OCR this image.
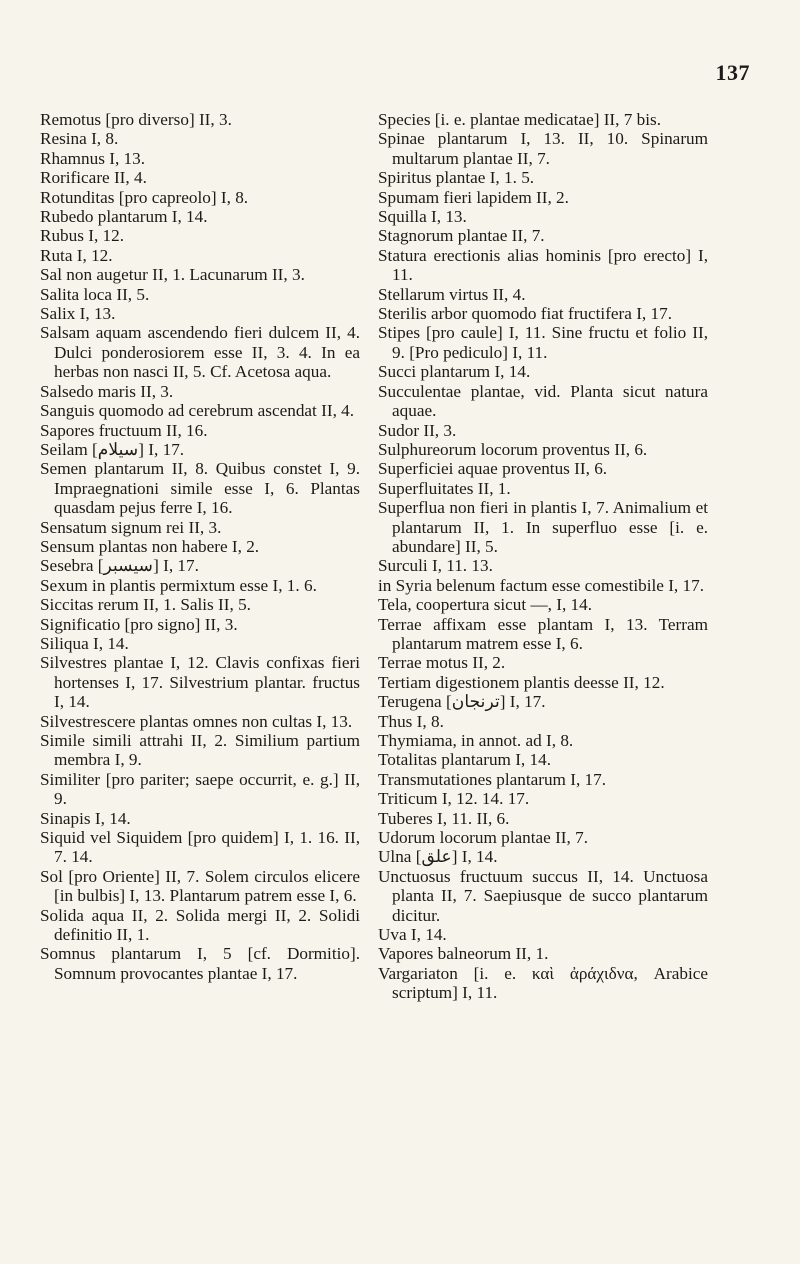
137

Remotus [pro diverso] II, 3.

Resina I, 8.

Rhamnus I, 13.

Rorificare II, 4.

Rotunditas [pro capreolo] I, 8.

Rubedo plantarum I, 14.

Rubus I, 12.

Ruta I, 12.

Sal non augetur II, 1. Lacunarum II, 3.

Salita loca II, 5.

Salix I, 13.

Salsam aquam ascendendo fieri dulcem II, 4. Dulci ponderosiorem esse II, 3. 4. In ea herbas non nasci II, 5. Cf. Acetosa aqua.

Salsedo maris II, 3.

Sanguis quomodo ad cerebrum ascendat II, 4.

Sapores fructuum II, 16.

Seilam [سيلام] I, 17.

Semen plantarum II, 8. Quibus constet I, 9. Impraegnationi simile esse I, 6. Plantas quasdam pejus ferre I, 16.

Sensatum signum rei II, 3.

Sensum plantas non habere I, 2.

Sesebra [سيسبر] I, 17.

Sexum in plantis permixtum esse I, 1. 6.

Siccitas rerum II, 1. Salis II, 5.

Significatio [pro signo] II, 3.

Siliqua I, 14.

Silvestres plantae I, 12. Clavis confixas fieri hortenses I, 17. Silvestrium plantar. fructus I, 14.

Silvestrescere plantas omnes non cultas I, 13.

Simile simili attrahi II, 2. Similium partium membra I, 9.

Similiter [pro pariter; saepe occurrit, e. g.] II, 9.

Sinapis I, 14.

Siquid vel Siquidem [pro quidem] I, 1. 16. II, 7. 14.

Sol [pro Oriente] II, 7. Solem circulos elicere [in bulbis] I, 13. Plantarum patrem esse I, 6.

Solida aqua II, 2. Solida mergi II, 2. Solidi definitio II, 1.

Somnus plantarum I, 5 [cf. Dormitio]. Somnum provocantes plantae I, 17.

Species [i. e. plantae medicatae] II, 7 bis.

Spinae plantarum I, 13. II, 10. Spinarum multarum plantae II, 7.

Spiritus plantae I, 1. 5.

Spumam fieri lapidem II, 2.

Squilla I, 13.

Stagnorum plantae II, 7.

Statura erectionis alias hominis [pro erecto] I, 11.

Stellarum virtus II, 4.

Sterilis arbor quomodo fiat fructifera I, 17.

Stipes [pro caule] I, 11. Sine fructu et folio II, 9. [Pro pediculo] I, 11.

Succi plantarum I, 14.

Succulentae plantae, vid. Planta sicut natura aquae.

Sudor II, 3.

Sulphureorum locorum proventus II, 6.

Superficiei aquae proventus II, 6.

Superfluitates II, 1.

Superflua non fieri in plantis I, 7. Animalium et plantarum II, 1. In superfluo esse [i. e. abundare] II, 5.

Surculi I, 11. 13.

in Syria belenum factum esse comestibile I, 17.

Tela, coopertura sicut —, I, 14.

Terrae affixam esse plantam I, 13. Terram plantarum matrem esse I, 6.

Terrae motus II, 2.

Tertiam digestionem plantis deesse II, 12.

Terugena [ترنجان] I, 17.

Thus I, 8.

Thymiama, in annot. ad I, 8.

Totalitas plantarum I, 14.

Transmutationes plantarum I, 17.

Triticum I, 12. 14. 17.

Tuberes I, 11. II, 6.

Udorum locorum plantae II, 7.

Ulna [علق] I, 14.

Unctuosus fructuum succus II, 14. Unctuosa planta II, 7. Saepiusque de succo plantarum dicitur.

Uva I, 14.

Vapores balneorum II, 1.

Vargariaton [i. e. καὶ ἀράχιδνα, Arabice scriptum] I, 11.
